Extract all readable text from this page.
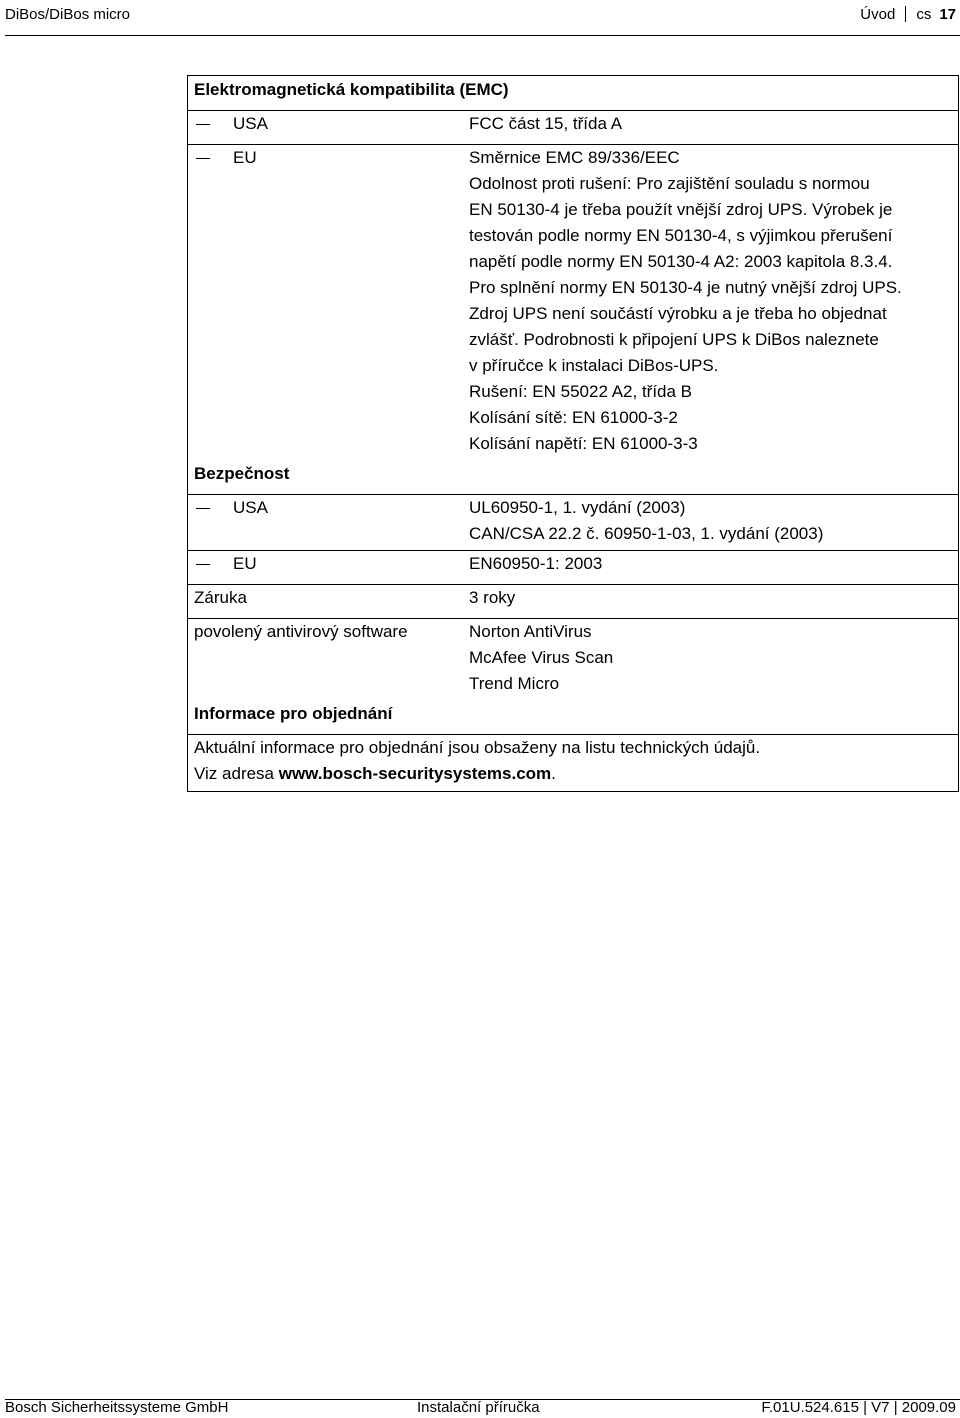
DiBos/DiBos micro	Úvod cs 17
Elektromagnetická kompatibilita (EMC)
USA	FCC část 15, třída A
EU	Směrnice EMC 89/336/EEC
Odolnost proti rušení: Pro zajištění souladu s normou
EN 50130-4 je třeba použít vnější zdroj UPS. Výrobek je
testován podle normy EN 50130-4, s výjimkou přerušení
napětí podle normy EN 50130-4 A2: 2003 kapitola 8.3.4.
Pro splnění normy EN 50130-4 je nutný vnější zdroj UPS.
Zdroj UPS není součástí výrobku a je třeba ho objednat
zvlášť. Podrobnosti k připojení UPS k DiBos naleznete
v příručce k instalaci DiBos-UPS.
Rušení: EN 55022 A2, třída B
Kolísání sítě: EN 61000-3-2
Kolísání napětí: EN 61000-3-3
Bezpečnost
USA	UL60950-1, 1. vydání (2003)
CAN/CSA 22.2 č. 60950-1-03, 1. vydání (2003)
EU	EN60950-1: 2003
Záruka	3 roky
povolený antivirový software	Norton AntiVirus
McAfee Virus Scan
Trend Micro
Informace pro objednání
Aktuální informace pro objednání jsou obsaženy na listu technických údajů.
Viz adresa www.bosch-securitysystems.com.
Bosch Sicherheitssysteme GmbH	Instalační příručka	F.01U.524.615 | V7 | 2009.09
